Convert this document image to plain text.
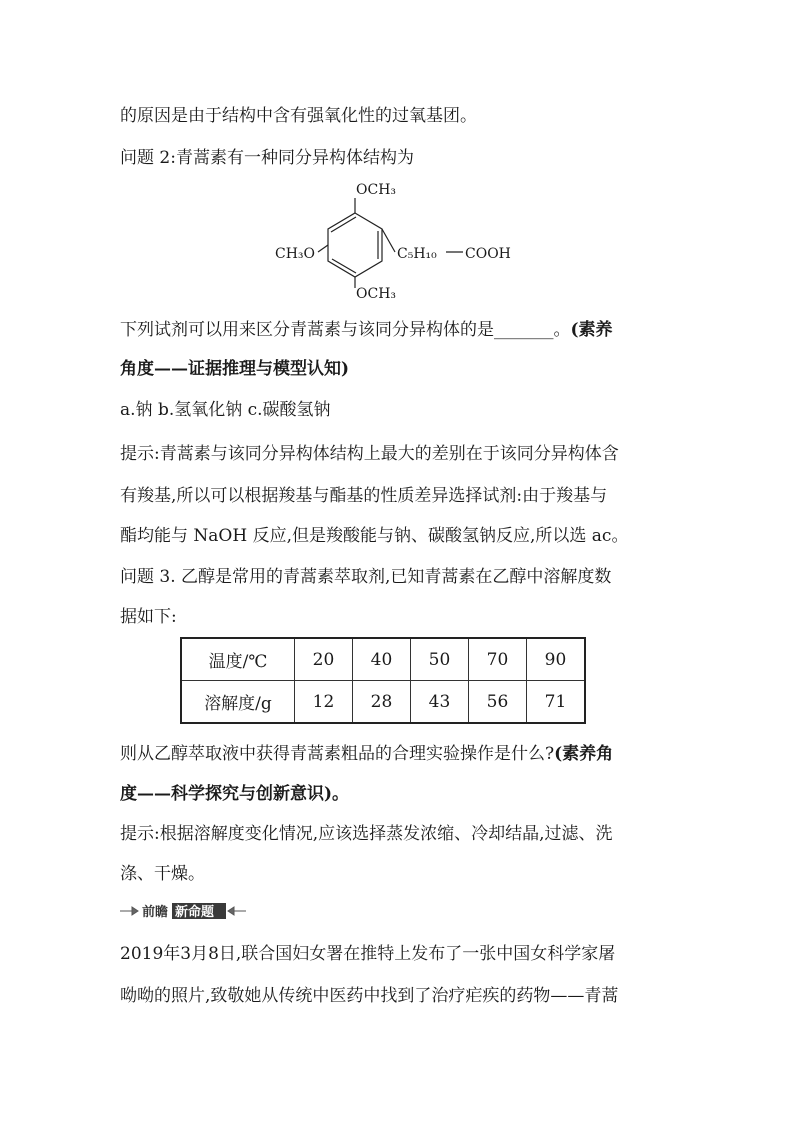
的原因是由于结构中含有强氧化性的过氧基团。
问题 2:青蒿素有一种同分异构体结构为
OCH₃
CH₃O
OCH₃
C₅H₁₀ COOH
下列试剂可以用来区分青蒿素与该同分异构体的是_______。(素养
角度——证据推理与模型认知)
a.钠 b.氢氧化钠 c.碳酸氢钠
提示:青蒿素与该同分异构体结构上最大的差别在于该同分异构体含
有羧基,所以可以根据羧基与酯基的性质差异选择试剂:由于羧基与
酯均能与 NaOH 反应,但是羧酸能与钠、碳酸氢钠反应,所以选 ac。
问题 3. 乙醇是常用的青蒿素萃取剂,已知青蒿素在乙醇中溶解度数
据如下:
温度/℃	20	40	50	70	90
溶解度/g	12	28	43	56	71
则从乙醇萃取液中获得青蒿素粗品的合理实验操作是什么?(素养角
度——科学探究与创新意识)。
提示:根据溶解度变化情况,应该选择蒸发浓缩、冷却结晶,过滤、洗
涤、干燥。
前瞻 新命题
2019年3月8日,联合国妇女署在推特上发布了一张中国女科学家屠
呦呦的照片,致敬她从传统中医药中找到了治疗疟疾的药物——青蒿
